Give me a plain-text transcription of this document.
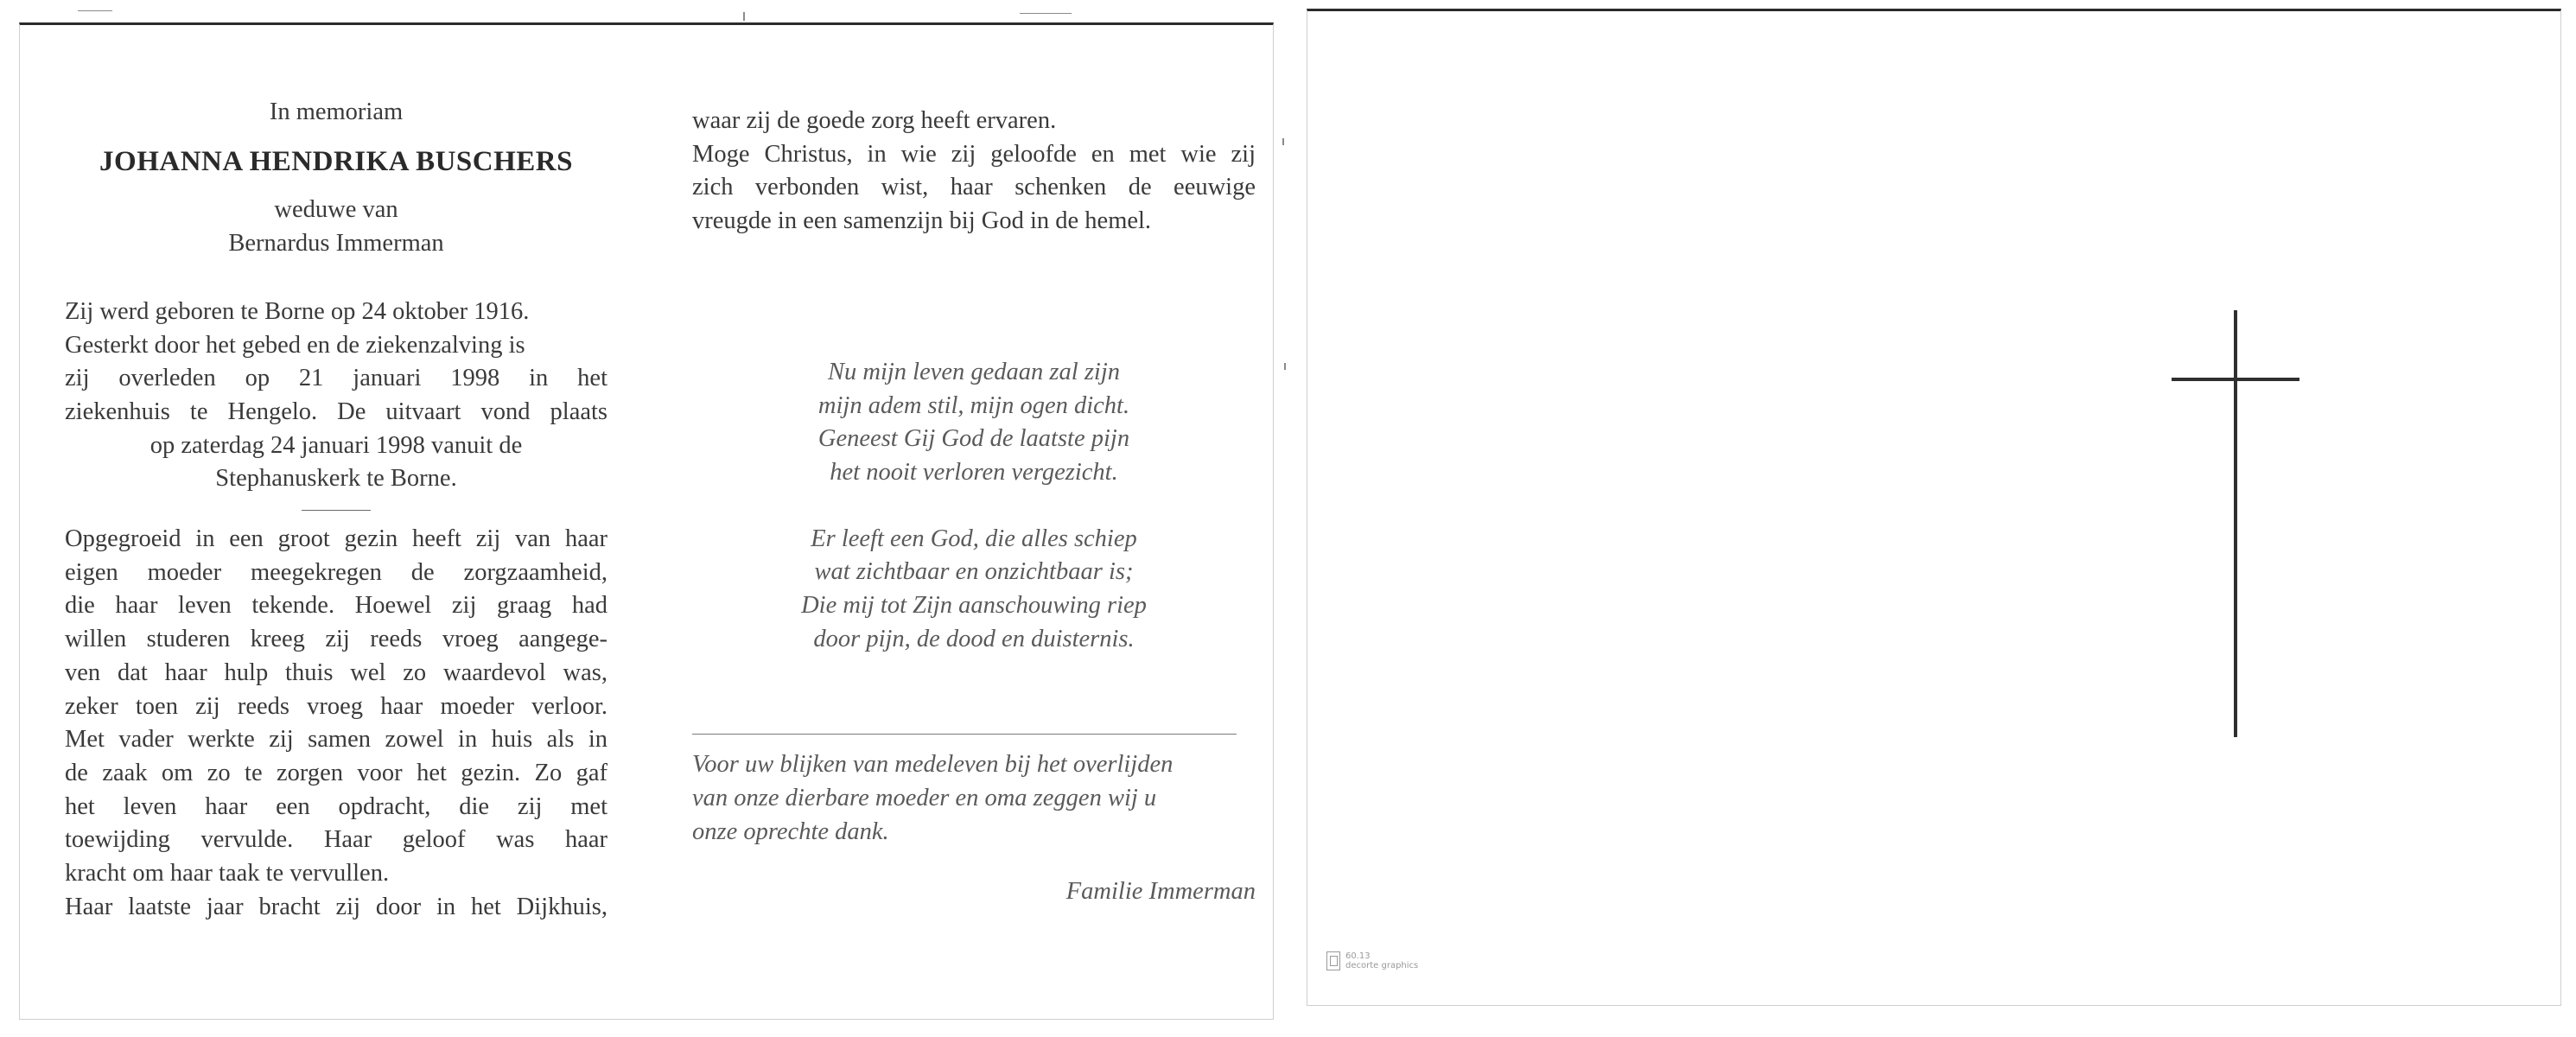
In memoriam
JOHANNA HENDRIKA BUSCHERS
weduwe van
Bernardus Immerman
Zij werd geboren te Borne op 24 oktober 1916.
Gesterkt door het gebed en de ziekenzalving is
zij overleden op 21 januari 1998 in het
ziekenhuis te Hengelo. De uitvaart vond plaats
op zaterdag 24 januari 1998 vanuit de
Stephanuskerk te Borne.
Opgegroeid in een groot gezin heeft zij van haar
eigen moeder meegekregen de zorgzaamheid,
die haar leven tekende. Hoewel zij graag had
willen studeren kreeg zij reeds vroeg aangege-
ven dat haar hulp thuis wel zo waardevol was,
zeker toen zij reeds vroeg haar moeder verloor.
Met vader werkte zij samen zowel in huis als in
de zaak om zo te zorgen voor het gezin. Zo gaf
het leven haar een opdracht, die zij met
toewijding vervulde. Haar geloof was haar
kracht om haar taak te vervullen.
Haar laatste jaar bracht zij door in het Dijkhuis,
waar zij de goede zorg heeft ervaren.
Moge Christus, in wie zij geloofde en met wie zij
zich verbonden wist, haar schenken de eeuwige
vreugde in een samenzijn bij God in de hemel.
Nu mijn leven gedaan zal zijn
mijn adem stil, mijn ogen dicht.
Geneest Gij God de laatste pijn
het nooit verloren vergezicht.
Er leeft een God, die alles schiep
wat zichtbaar en onzichtbaar is;
Die mij tot Zijn aanschouwing riep
door pijn, de dood en duisternis.
Voor uw blijken van medeleven bij het overlijden
van onze dierbare moeder en oma zeggen wij u
onze oprechte dank.
Familie Immerman
60.13
decorte graphics
